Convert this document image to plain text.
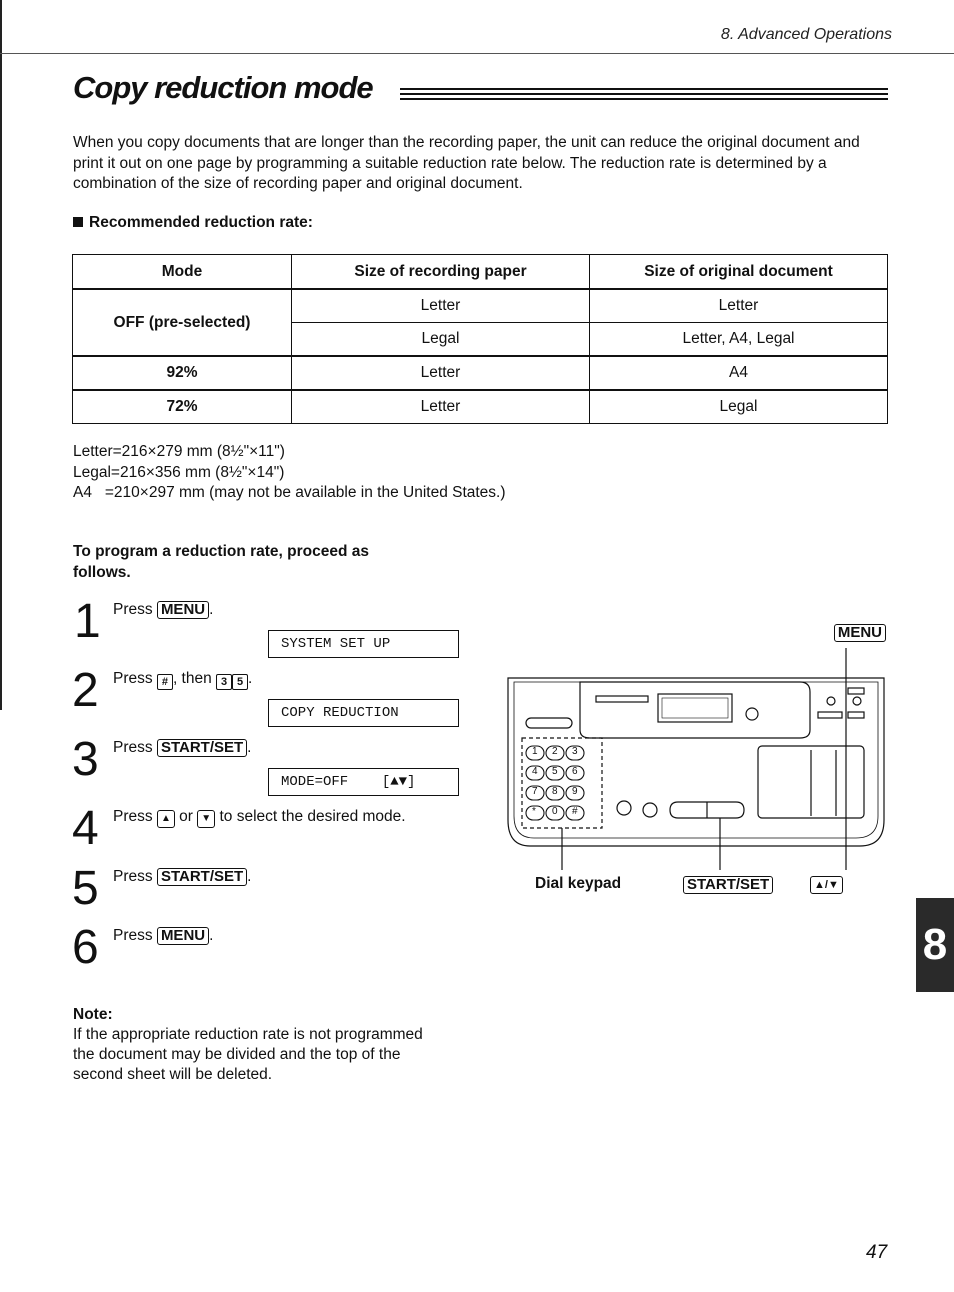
8. Advanced Operations
Copy reduction mode
When you copy documents that are longer than the recording paper, the unit can reduce the original document and print it out on one page by programming a suitable reduction rate below. The reduction rate is determined by a combination of the size of recording paper and original document.
Recommended reduction rate:
Mode	Size of recording paper	Size of original document
OFF (pre-selected)	Letter	Letter
	Legal	Letter, A4, Legal
92%	Letter	A4
72%	Letter	Legal
Letter=216×279 mm (8½"×11")
Legal=216×356 mm (8½"×14")
A4   =210×297 mm (may not be available in the United States.)
To program a reduction rate, proceed as follows.
1 Press MENU .
SYSTEM SET UP
2 Press # , then 3 5 .
COPY REDUCTION
3 Press START/SET .
MODE=OFF    [▲▼]
4 Press ▲ or ▼ to select the desired mode.
5 Press START/SET .
6 Press MENU .
MENU
1 2 3
4 5 6
7 8 9
* 0 #
Dial keypad	START/SET	▲/▼
Note:
If the appropriate reduction rate is not programmed the document may be divided and the top of the second sheet will be deleted.
8
47
